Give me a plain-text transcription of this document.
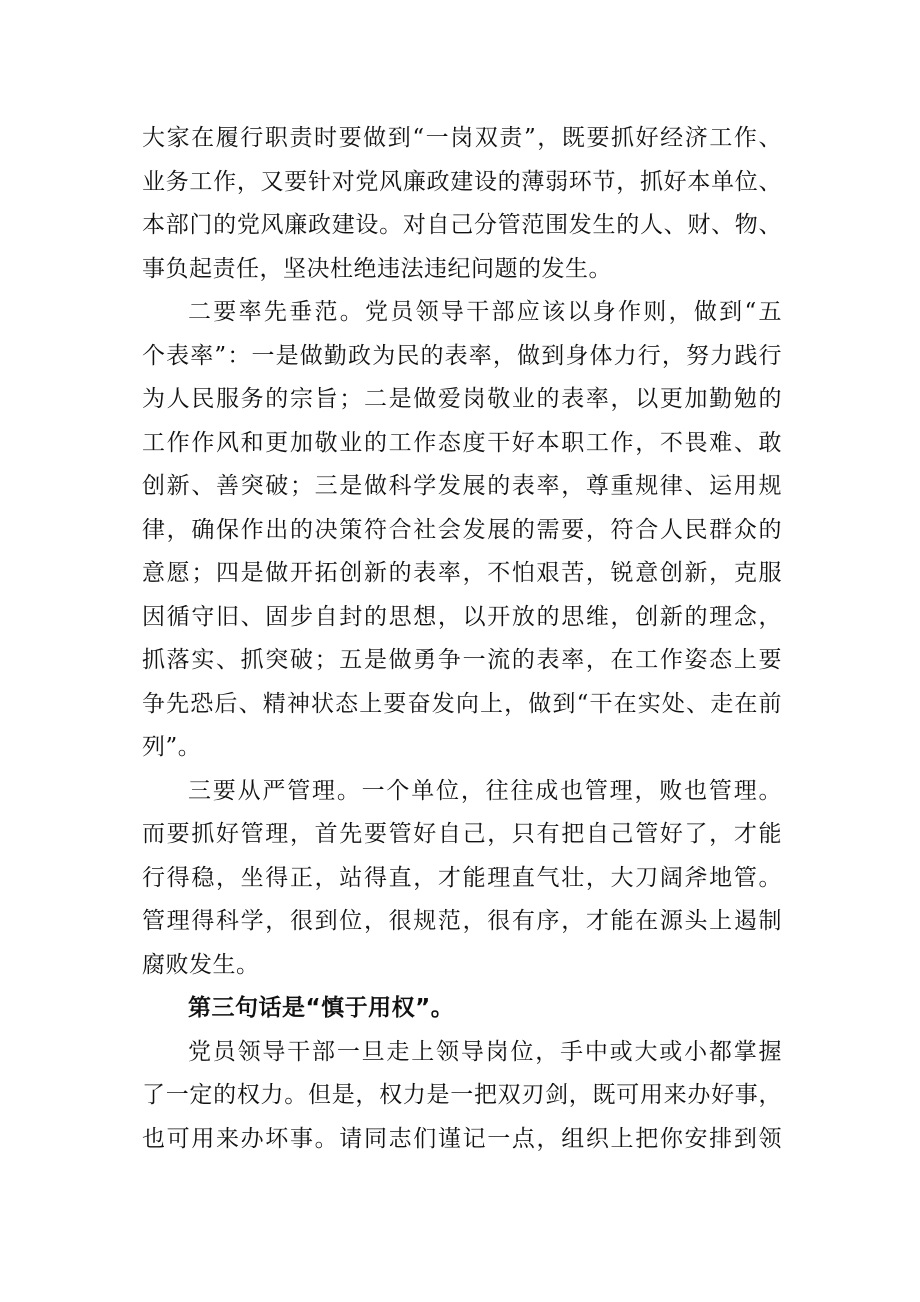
大家在履行职责时要做到“一岗双责”，既要抓好经济工作、
业务工作，又要针对党风廉政建设的薄弱环节，抓好本单位、
本部门的党风廉政建设。对自己分管范围发生的人、财、物、
事负起责任，坚决杜绝违法违纪问题的发生。
二要率先垂范。党员领导干部应该以身作则，做到“五
个表率”：一是做勤政为民的表率，做到身体力行，努力践行
为人民服务的宗旨；二是做爱岗敬业的表率，以更加勤勉的
工作作风和更加敬业的工作态度干好本职工作，不畏难、敢
创新、善突破；三是做科学发展的表率，尊重规律、运用规
律，确保作出的决策符合社会发展的需要，符合人民群众的
意愿；四是做开拓创新的表率，不怕艰苦，锐意创新，克服
因循守旧、固步自封的思想，以开放的思维，创新的理念，
抓落实、抓突破；五是做勇争一流的表率，在工作姿态上要
争先恐后、精神状态上要奋发向上，做到“干在实处、走在前
列”。
三要从严管理。一个单位，往往成也管理，败也管理。
而要抓好管理，首先要管好自己，只有把自己管好了，才能
行得稳，坐得正，站得直，才能理直气壮，大刀阔斧地管。
管理得科学，很到位，很规范，很有序，才能在源头上遏制
腐败发生。
第三句话是“慎于用权”。
党员领导干部一旦走上领导岗位，手中或大或小都掌握
了一定的权力。但是，权力是一把双刃剑，既可用来办好事，
也可用来办坏事。请同志们谨记一点，组织上把你安排到领
